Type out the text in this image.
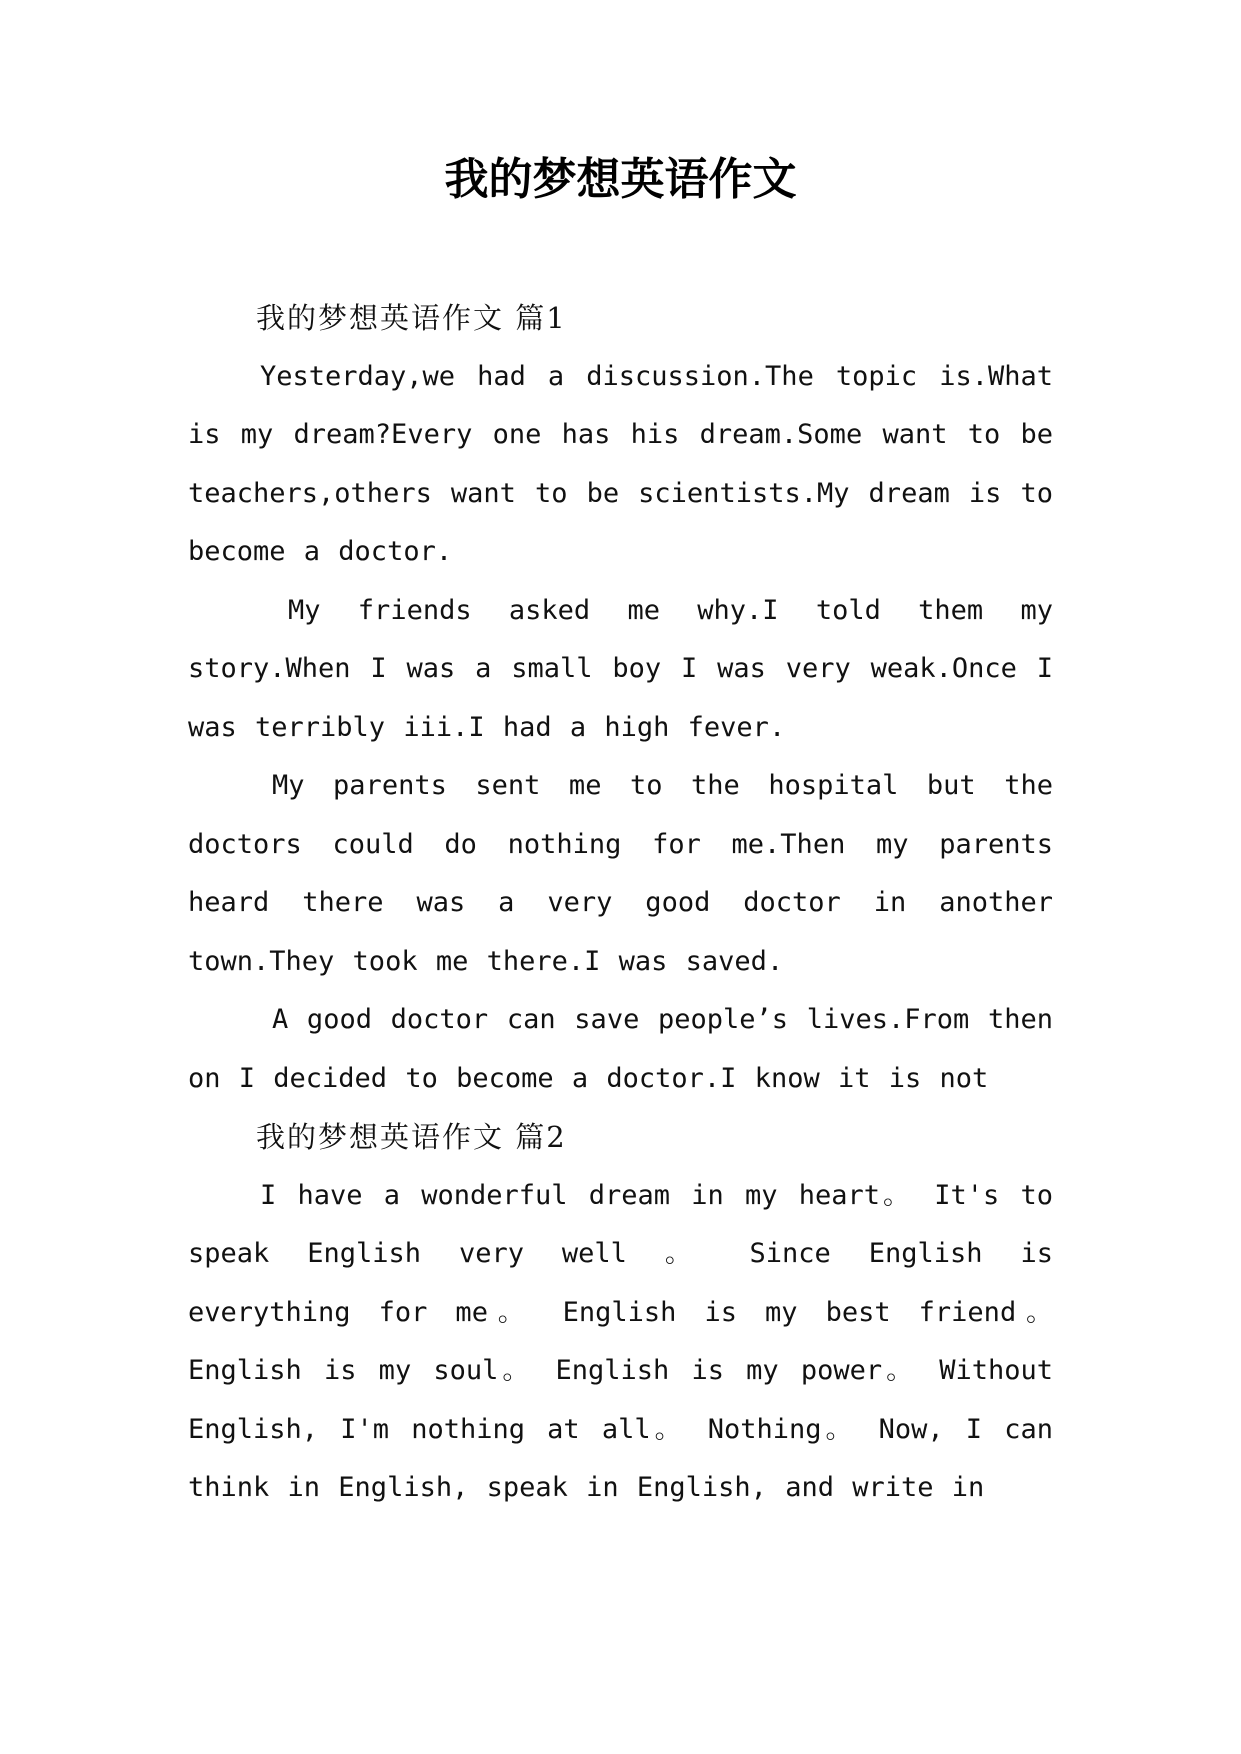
我的梦想英语作文
我的梦想英语作文 篇1

Yesterday,we had a discussion.The topic is.What is my dream?Every one has his dream.Some want to be teachers,others want to be scientists.My dream is to become a doctor.

My friends asked me why.I told them my story.When I was a small boy I was very weak.Once I was terribly iii.I had a high fever.

My parents sent me to the hospital but the doctors could do nothing for me.Then my parents heard there was a very good doctor in another town.They took me there.I was saved.

A good doctor can save people’s lives.From then on I decided to become a doctor.I know it is not

我的梦想英语作文 篇2

I have a wonderful dream in my heart。 It's to speak English very well 。 Since English is everything for me。 English is my best friend。 English is my soul。 English is my power。 Without English, I'm nothing at all。 Nothing。 Now, I can think in English, speak in English, and write in
